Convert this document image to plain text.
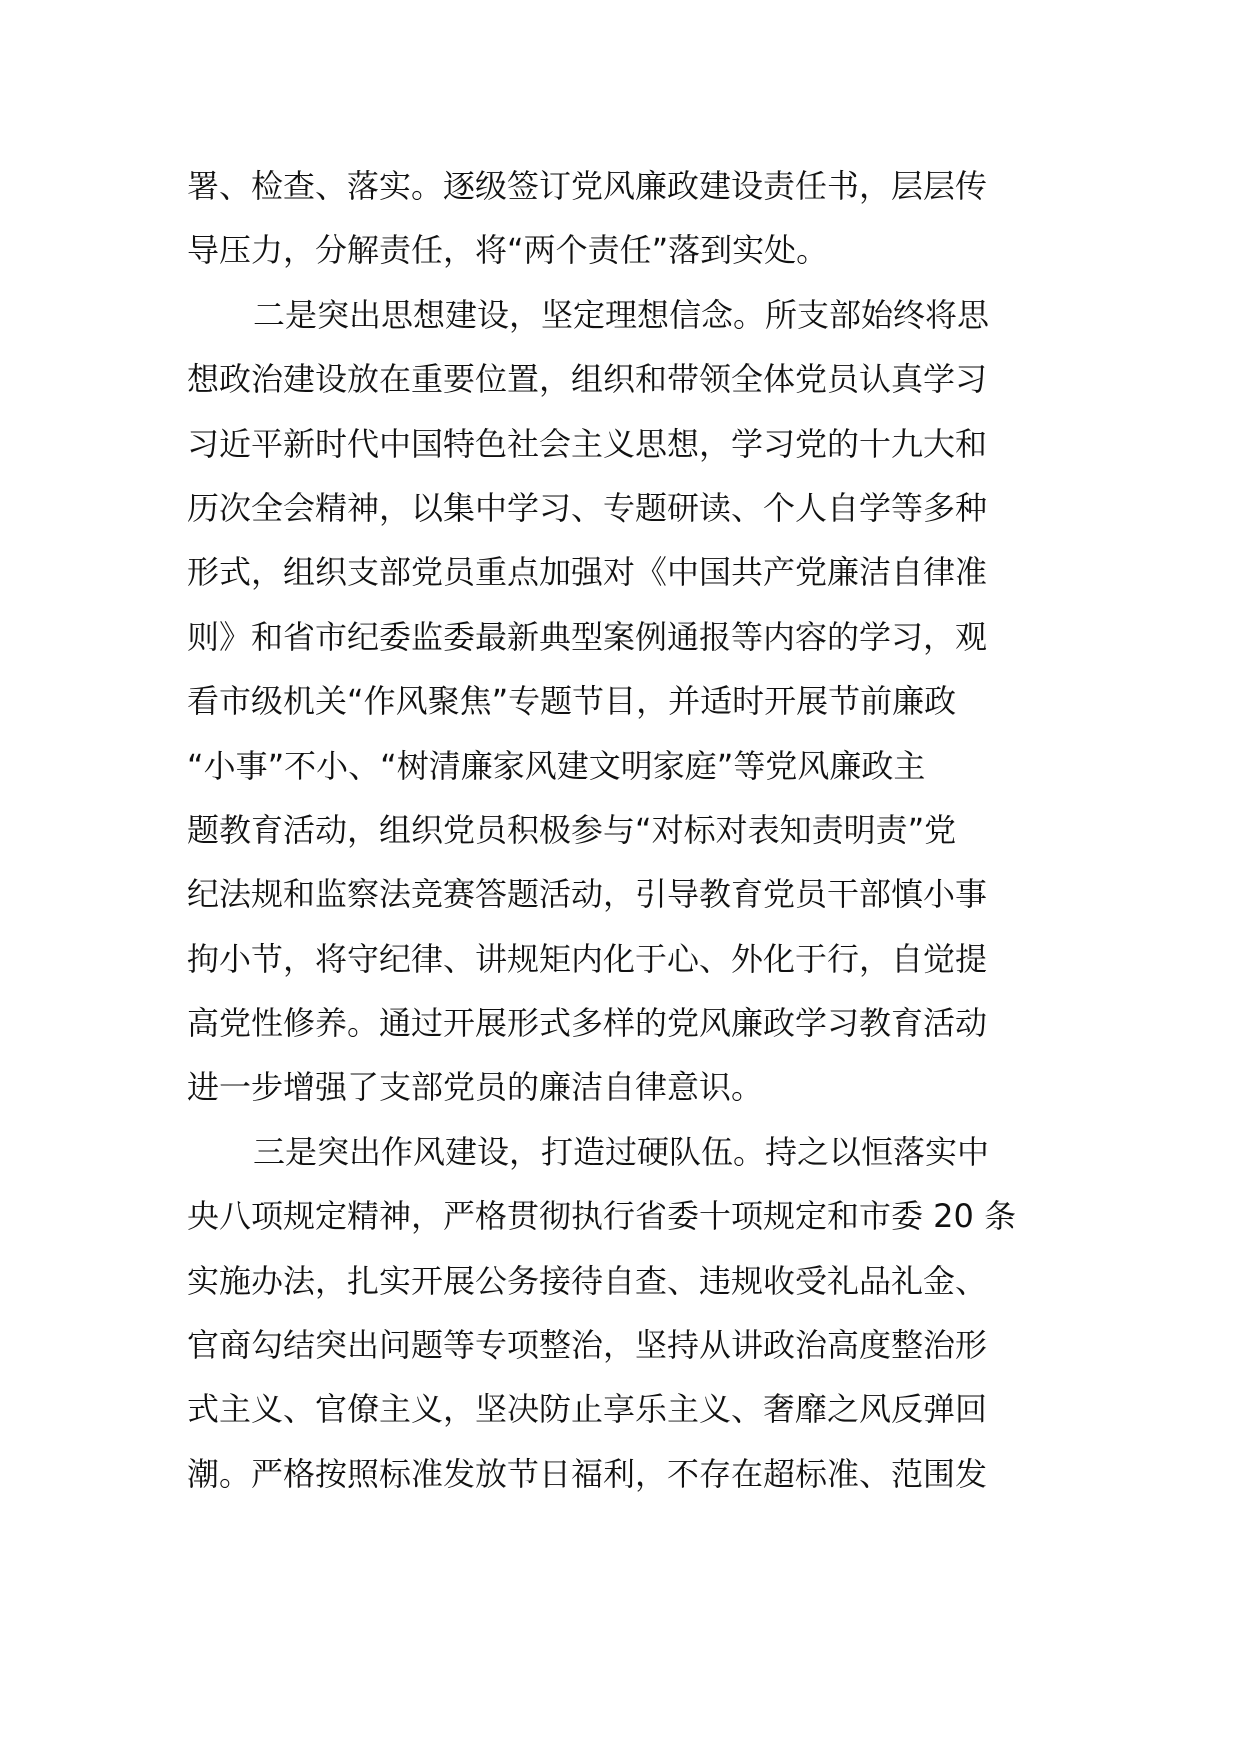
署、检查、落实。逐级签订党风廉政建设责任书，层层传
导压力，分解责任，将“两个责任”落到实处。
二是突出思想建设，坚定理想信念。所支部始终将思
想政治建设放在重要位置，组织和带领全体党员认真学习
习近平新时代中国特色社会主义思想，学习党的十九大和
历次全会精神，以集中学习、专题研读、个人自学等多种
形式，组织支部党员重点加强对《中国共产党廉洁自律准
则》和省市纪委监委最新典型案例通报等内容的学习，观
看市级机关“作风聚焦”专题节目，并适时开展节前廉政
“小事”不小、“树清廉家风建文明家庭”等党风廉政主
题教育活动，组织党员积极参与“对标对表知责明责”党
纪法规和监察法竞赛答题活动，引导教育党员干部慎小事
拘小节，将守纪律、讲规矩内化于心、外化于行，自觉提
高党性修养。通过开展形式多样的党风廉政学习教育活动
进一步增强了支部党员的廉洁自律意识。
三是突出作风建设，打造过硬队伍。持之以恒落实中
央八项规定精神，严格贯彻执行省委十项规定和市委 20 条
实施办法，扎实开展公务接待自查、违规收受礼品礼金、
官商勾结突出问题等专项整治，坚持从讲政治高度整治形
式主义、官僚主义，坚决防止享乐主义、奢靡之风反弹回
潮。严格按照标准发放节日福利，不存在超标准、范围发
